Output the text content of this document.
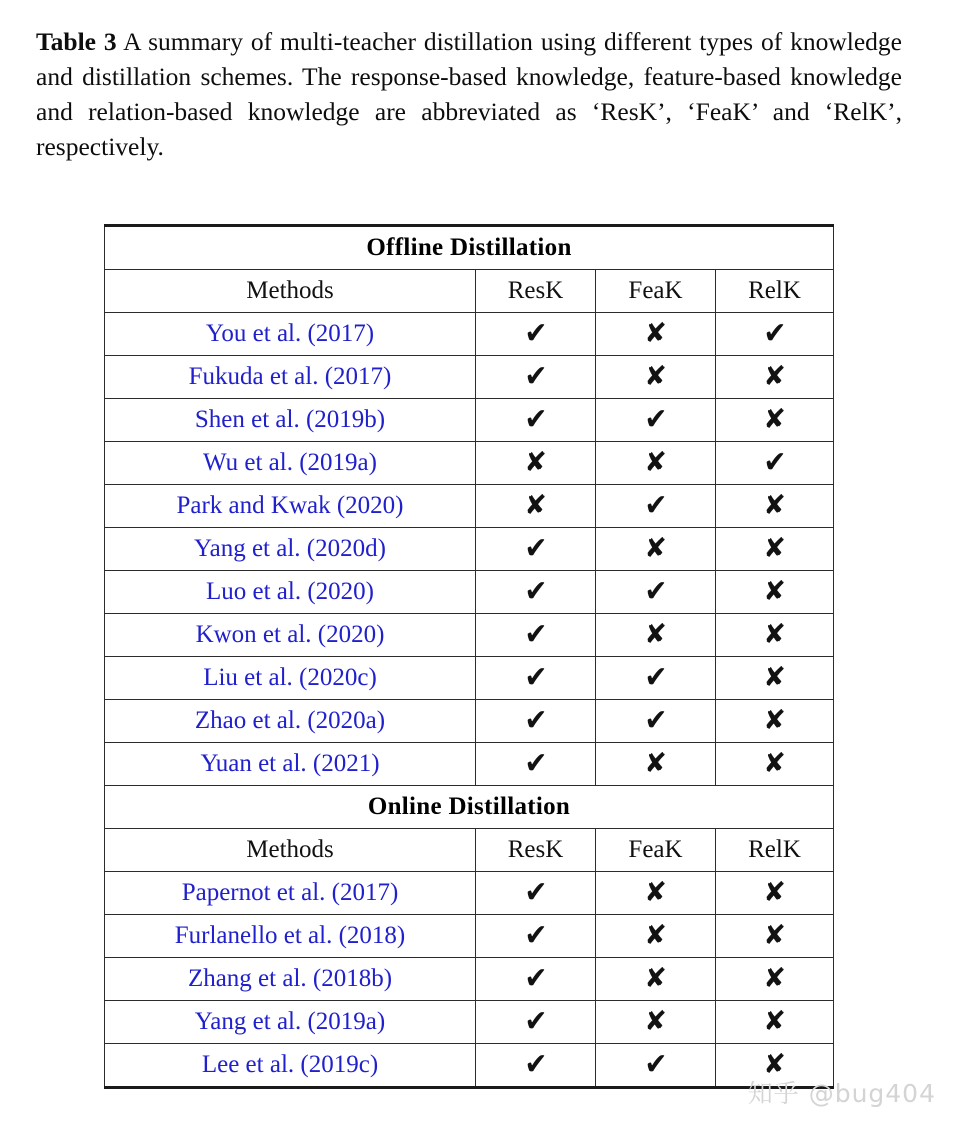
Table 3 A summary of multi-teacher distillation using different types of knowledge and distillation schemes. The response-based knowledge, feature-based knowledge and relation-based knowledge are abbreviated as ‘ResK’, ‘FeaK’ and ‘RelK’, respectively.
Offline Distillation			
Methods	ResK	FeaK	RelK
You et al. (2017)	✔	✘	✔
Fukuda et al. (2017)	✔	✘	✘
Shen et al. (2019b)	✔	✔	✘
Wu et al. (2019a)	✘	✘	✔
Park and Kwak (2020)	✘	✔	✘
Yang et al. (2020d)	✔	✘	✘
Luo et al. (2020)	✔	✔	✘
Kwon et al. (2020)	✔	✘	✘
Liu et al. (2020c)	✔	✔	✘
Zhao et al. (2020a)	✔	✔	✘
Yuan et al. (2021)	✔	✘	✘
Online Distillation			
Methods	ResK	FeaK	RelK
Papernot et al. (2017)	✔	✘	✘
Furlanello et al. (2018)	✔	✘	✘
Zhang et al. (2018b)	✔	✘	✘
Yang et al. (2019a)	✔	✘	✘
Lee et al. (2019c)	✔	✔	✘
知乎 @bug404
